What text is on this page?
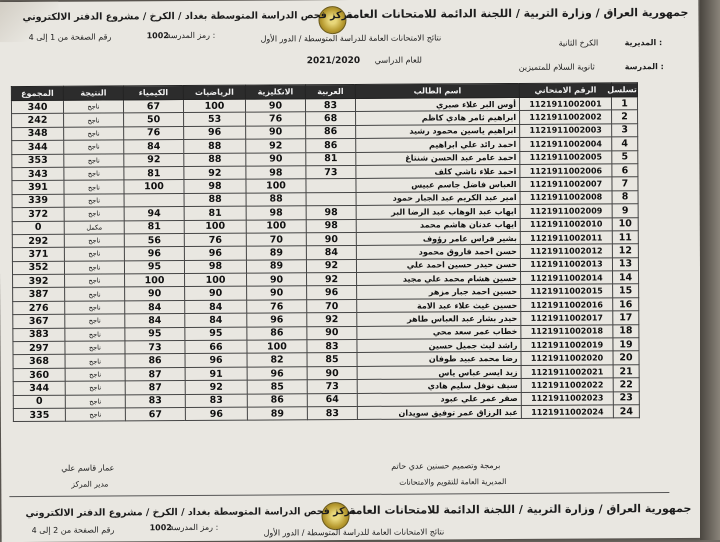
جمهورية العراق / وزارة التربية / اللجنة الدائمة للامتحانات العامة
مركز فحص الدراسة المتوسطة بغداد / الكرخ / مشروع الدفتر الالكتروني
نتائج الامتحانات العامة للدراسة المتوسطة / الدور الأول
2021/2020 للعام الدراسي
رمز المدرسة :
1002
رقم الصفحة من 1 إلى 4
المديرية :
الكرخ الثانية
المدرسة :
ثانوية السلام للمتميزين
تسلسل	الرقم الامتحاني	اسم الطالب	العربية	الانكليزية	الرياضيات	الكيمياء	النتيجة	المجموع
1	1121911002001	أوس البر علاء صبري	83	90	100	67	ناجح	340
2	1121911002002	ابراهيم ثامر هادي كاظم	68	76	53	50	ناجح	242
3	1121911002003	ابراهيم ياسين محمود رشيد	86	90	96	76	ناجح	348
4	1121911002004	احمد رائد علي ابراهيم	86	92	88	84	ناجح	344
5	1121911002005	احمد عامر عبد الحسن شنتاغ	81	90	88	92	ناجح	353
6	1121911002006	احمد علاء ناشي كلف	73	98	92	81	ناجح	343
7	1121911002007	العباس فاضل جاسم عبيس		100	98	100	ناجح	391
8	1121911002008	امير عبد الكريم عبد الجبار حمود		88	88		ناجح	339
9	1121911002009	ايهاب عبد الوهاب عبد الرضا البر	98	98	81	94	ناجح	372
10	1121911002010	ايهاب عدنان هاشم محمد	98	100	100	81	مكمل	0
11	1121911002011	بشير فراس عامر رؤوف	90	70	76	56	ناجح	292
12	1121911002012	حسن احمد فاروق محمود	84	89	96	96	ناجح	371
13	1121911002013	حسن حيدر حسين احمد علي	92	89	98	95	ناجح	352
14	1121911002014	حسين هشام محمد علي مجيد	92	90	100	100	ناجح	392
15	1121911002015	حسين احمد جبار مزهر	96	90	90	90	ناجح	387
16	1121911002016	حسين غيث علاء عبد الامة	70	76	84	84	ناجح	276
17	1121911002017	حيدر بشار عبد العباس طاهر	92	96	84	84	ناجح	367
18	1121911002018	خطاب عمر سعد محي	90	86	95	95	ناجح	383
19	1121911002019	راشد ليث جميل حسين	83	100	66	73	ناجح	297
20	1121911002020	رضا محمد عبيد طوفان	85	82	96	86	ناجح	368
21	1121911002021	زيد ايسر عباس ياس	90	96	91	87	ناجح	360
22	1121911002022	سيف نوفل سليم هادي	73	85	92	87	ناجح	344
23	1121911002023	صقر عمر علي عبود	64	86	83	83	ناجح	0
24	1121911002024	عبد الرزاق عمر توفيق سويدان	83	89	96	67	ناجح	335
عمار قاسم علي
مدير المركز
برمجة وتصميم حسنين عدي حاتم
المديرية العامة للتقويم والامتحانات
جمهورية العراق / وزارة التربية / اللجنة الدائمة للامتحانات العامة
مركز فحص الدراسة المتوسطة بغداد / الكرخ / مشروع الدفتر الالكتروني
رمز المدرسة :
1002
رقم الصفحة من 2 إلى 4	نتائج الامتحانات العامة للدراسة المتوسطة / الدور الأول
